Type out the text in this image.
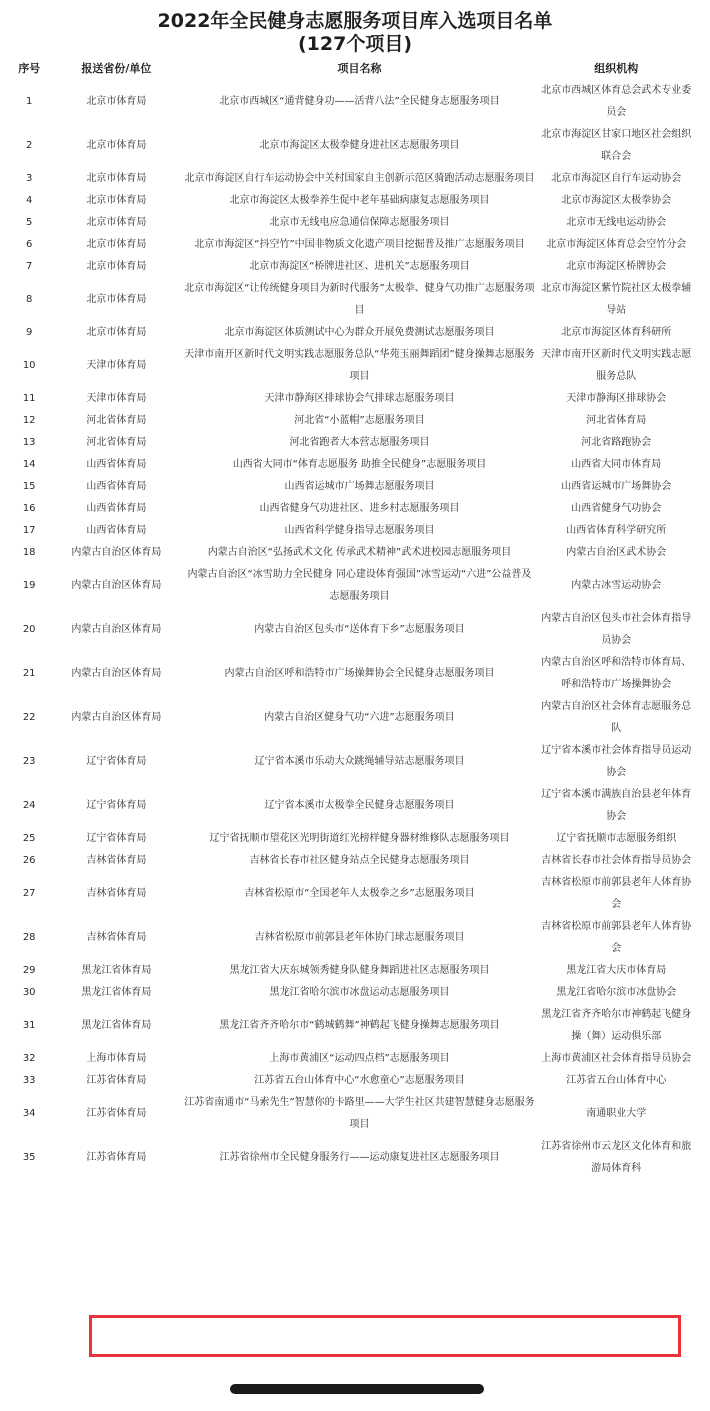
2022年全民健身志愿服务项目库入选项目名单
(127个项目)
序号	报送省份/单位	项目名称	组织机构
1	北京市体育局	北京市西城区“通背健身功——活背八法”全民健身志愿服务项目	北京市西城区体育总会武术专业委员会
2	北京市体育局	北京市海淀区太极拳健身进社区志愿服务项目	北京市海淀区甘家口地区社会组织联合会
3	北京市体育局	北京市海淀区自行车运动协会中关村国家自主创新示范区骑跑活动志愿服务项目	北京市海淀区自行车运动协会
4	北京市体育局	北京市海淀区太极拳养生促中老年基础病康复志愿服务项目	北京市海淀区太极拳协会
5	北京市体育局	北京市无线电应急通信保障志愿服务项目	北京市无线电运动协会
6	北京市体育局	北京市海淀区“抖空竹”中国非物质文化遗产项目挖掘普及推广志愿服务项目	北京市海淀区体育总会空竹分会
7	北京市体育局	北京市海淀区“桥牌进社区、进机关”志愿服务项目	北京市海淀区桥牌协会
8	北京市体育局	北京市海淀区“让传统健身项目为新时代服务”太极拳、健身气功推广志愿服务项目	北京市海淀区紫竹院社区太极拳辅导站
9	北京市体育局	北京市海淀区体质测试中心为群众开展免费测试志愿服务项目	北京市海淀区体育科研所
10	天津市体育局	天津市南开区新时代文明实践志愿服务总队“华苑玉丽舞蹈团”健身操舞志愿服务项目	天津市南开区新时代文明实践志愿服务总队
11	天津市体育局	天津市静海区排球协会气排球志愿服务项目	天津市静海区排球协会
12	河北省体育局	河北省“小蓝帽”志愿服务项目	河北省体育局
13	河北省体育局	河北省跑者大本营志愿服务项目	河北省路跑协会
14	山西省体育局	山西省大同市“体育志愿服务 助推全民健身”志愿服务项目	山西省大同市体育局
15	山西省体育局	山西省运城市广场舞志愿服务项目	山西省运城市广场舞协会
16	山西省体育局	山西省健身气功进社区、进乡村志愿服务项目	山西省健身气功协会
17	山西省体育局	山西省科学健身指导志愿服务项目	山西省体育科学研究所
18	内蒙古自治区体育局	内蒙古自治区“弘扬武术文化 传承武术精神”武术进校园志愿服务项目	内蒙古自治区武术协会
19	内蒙古自治区体育局	内蒙古自治区“冰雪助力全民健身 同心建设体育强国”冰雪运动“六进”公益普及志愿服务项目	内蒙古冰雪运动协会
20	内蒙古自治区体育局	内蒙古自治区包头市“送体育下乡”志愿服务项目	内蒙古自治区包头市社会体育指导员协会
21	内蒙古自治区体育局	内蒙古自治区呼和浩特市广场操舞协会全民健身志愿服务项目	内蒙古自治区呼和浩特市体育局、呼和浩特市广场操舞协会
22	内蒙古自治区体育局	内蒙古自治区健身气功“六进”志愿服务项目	内蒙古自治区社会体育志愿服务总队
23	辽宁省体育局	辽宁省本溪市乐动大众跳绳辅导站志愿服务项目	辽宁省本溪市社会体育指导员运动协会
24	辽宁省体育局	辽宁省本溪市太极拳全民健身志愿服务项目	辽宁省本溪市满族自治县老年体育协会
25	辽宁省体育局	辽宁省抚顺市望花区光明街道红光榜样健身器材维修队志愿服务项目	辽宁省抚顺市志愿服务组织
26	吉林省体育局	吉林省长春市社区健身站点全民健身志愿服务项目	吉林省长春市社会体育指导员协会
27	吉林省体育局	吉林省松原市“全国老年人太极拳之乡”志愿服务项目	吉林省松原市前郭县老年人体育协会
28	吉林省体育局	吉林省松原市前郭县老年体协门球志愿服务项目	吉林省松原市前郭县老年人体育协会
29	黑龙江省体育局	黑龙江省大庆东城领秀健身队健身舞蹈进社区志愿服务项目	黑龙江省大庆市体育局
30	黑龙江省体育局	黑龙江省哈尔滨市冰盘运动志愿服务项目	黑龙江省哈尔滨市冰盘协会
31	黑龙江省体育局	黑龙江省齐齐哈尔市“鹤城鹤舞”神鹤起飞健身操舞志愿服务项目	黑龙江省齐齐哈尔市神鹤起飞健身操（舞）运动俱乐部
32	上海市体育局	上海市黄浦区“运动四点档”志愿服务项目	上海市黄浦区社会体育指导员协会
33	江苏省体育局	江苏省五台山体育中心“水愈童心”志愿服务项目	江苏省五台山体育中心
34	江苏省体育局	江苏省南通市“马索先生”智慧你的卡路里——大学生社区共建智慧健身志愿服务项目	南通职业大学
35	江苏省体育局	江苏省徐州市全民健身服务行——运动康复进社区志愿服务项目	江苏省徐州市云龙区文化体育和旅游局体育科
